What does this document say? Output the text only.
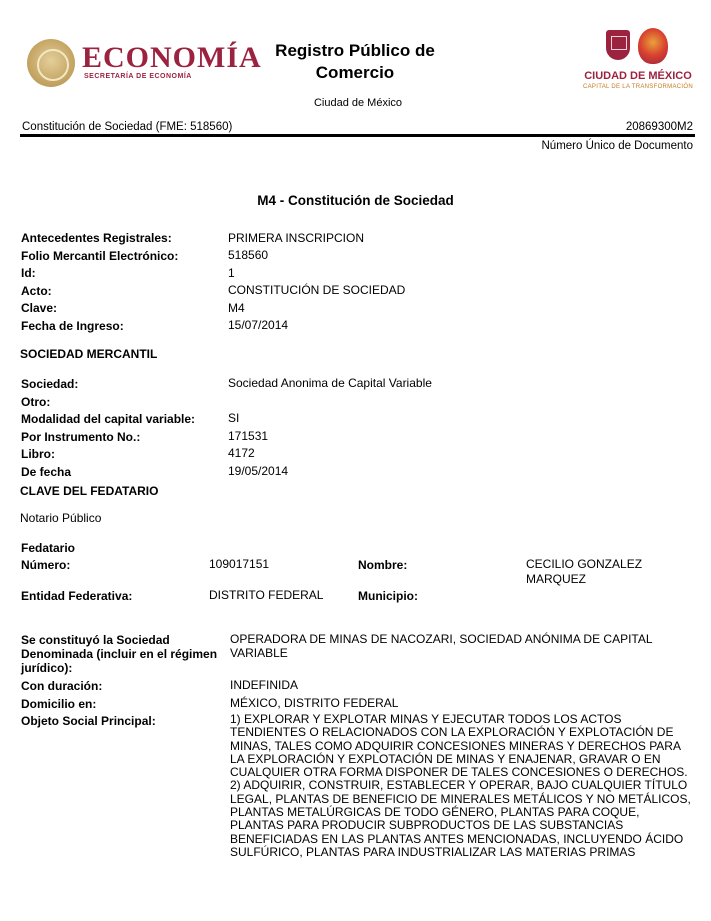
ECONOMÍA
SECRETARÍA DE ECONOMÍA
Registro Público de
Comercio
Ciudad de México
CIUDAD DE MÉXICO
CAPITAL DE LA TRANSFORMACIÓN
Constitución de Sociedad (FME: 518560)	20869300M2
Número Único de Documento
M4 - Constitución de Sociedad
Antecedentes Registrales:	PRIMERA INSCRIPCION
Folio Mercantil Electrónico:	518560
Id:	1
Acto:	CONSTITUCIÓN DE SOCIEDAD
Clave:	M4
Fecha de Ingreso:	15/07/2014
SOCIEDAD MERCANTIL
Sociedad:	Sociedad Anonima de Capital Variable
Otro:
Modalidad del capital variable:	SI
Por Instrumento No.:	171531
Libro:	4172
De fecha	19/05/2014
CLAVE DEL FEDATARIO
Notario Público
Fedatario
Número:	109017151	Nombre:	CECILIO GONZALEZ
MARQUEZ
Entidad Federativa:	DISTRITO FEDERAL	Municipio:
Se constituyó la Sociedad
Denominada (incluir en el régimen
jurídico):
OPERADORA DE MINAS DE NACOZARI, SOCIEDAD ANÓNIMA DE CAPITAL
VARIABLE
Con duración:	INDEFINIDA
Domicilio en:	MÉXICO, DISTRITO FEDERAL
Objeto Social Principal:	1) EXPLORAR Y EXPLOTAR MINAS Y EJECUTAR TODOS LOS ACTOS
TENDIENTES O RELACIONADOS CON LA EXPLORACIÓN Y EXPLOTACIÓN DE
MINAS, TALES COMO ADQUIRIR CONCESIONES MINERAS Y DERECHOS PARA
LA EXPLORACIÓN Y EXPLOTACIÓN DE MINAS Y ENAJENAR, GRAVAR O EN
CUALQUIER OTRA FORMA DISPONER DE TALES CONCESIONES O DERECHOS.
2) ADQUIRIR, CONSTRUIR, ESTABLECER Y OPERAR, BAJO CUALQUIER TÍTULO
LEGAL, PLANTAS DE BENEFICIO DE MINERALES METÁLICOS Y NO METÁLICOS,
PLANTAS METALÚRGICAS DE TODO GÉNERO, PLANTAS PARA COQUE,
PLANTAS PARA PRODUCIR SUBPRODUCTOS DE LAS SUBSTANCIAS
BENEFICIADAS EN LAS PLANTAS ANTES MENCIONADAS, INCLUYENDO ÁCIDO
SULFÚRICO, PLANTAS PARA INDUSTRIALIZAR LAS MATERIAS PRIMAS
